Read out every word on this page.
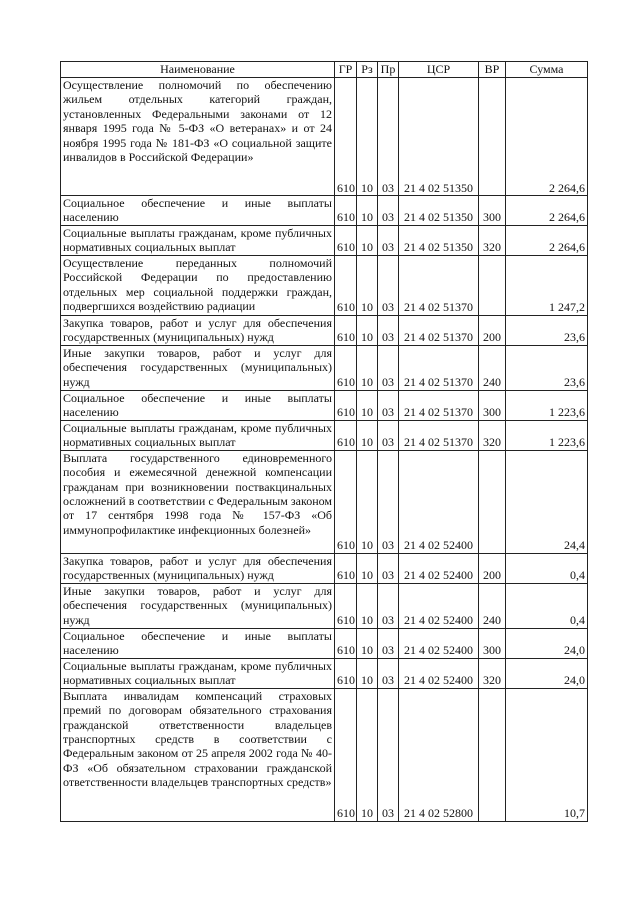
Наименование	ГР	Рз	Пр	ЦСР	ВР	Сумма
Осуществление полномочий по обеспечению жильем отдельных категорий граждан, установленных Федеральными законами от 12 января 1995 года № 5-ФЗ «О ветеранах» и от 24 ноября 1995 года № 181-ФЗ «О социальной защите инвалидов в Российской Федерации»	610	10	03	21 4 02 51350		2 264,6
Социальное обеспечение и иные выплаты населению	610	10	03	21 4 02 51350	300	2 264,6
Социальные выплаты гражданам, кроме публичных нормативных социальных выплат	610	10	03	21 4 02 51350	320	2 264,6
Осуществление переданных полномочий Российской Федерации по предоставлению отдельных мер социальной поддержки граждан, подвергшихся воздействию радиации	610	10	03	21 4 02 51370		1 247,2
Закупка товаров, работ и услуг для обеспечения государственных (муниципальных) нужд	610	10	03	21 4 02 51370	200	23,6
Иные закупки товаров, работ и услуг для обеспечения государственных (муниципальных) нужд	610	10	03	21 4 02 51370	240	23,6
Социальное обеспечение и иные выплаты населению	610	10	03	21 4 02 51370	300	1 223,6
Социальные выплаты гражданам, кроме публичных нормативных социальных выплат	610	10	03	21 4 02 51370	320	1 223,6
Выплата государственного единовременного пособия и ежемесячной денежной компенсации гражданам при возникновении поствакцинальных осложнений в соответствии с Федеральным законом от 17 сентября 1998 года № 157-ФЗ «Об иммунопрофилактике инфекционных болезней»	610	10	03	21 4 02 52400		24,4
Закупка товаров, работ и услуг для обеспечения государственных (муниципальных) нужд	610	10	03	21 4 02 52400	200	0,4
Иные закупки товаров, работ и услуг для обеспечения государственных (муниципальных) нужд	610	10	03	21 4 02 52400	240	0,4
Социальное обеспечение и иные выплаты населению	610	10	03	21 4 02 52400	300	24,0
Социальные выплаты гражданам, кроме публичных нормативных социальных выплат	610	10	03	21 4 02 52400	320	24,0
Выплата инвалидам компенсаций страховых премий по договорам обязательного страхования гражданской ответственности владельцев транспортных средств в соответствии с Федеральным законом от 25 апреля 2002 года № 40-ФЗ «Об обязательном страховании гражданской ответственности владельцев транспортных средств»	610	10	03	21 4 02 52800		10,7
